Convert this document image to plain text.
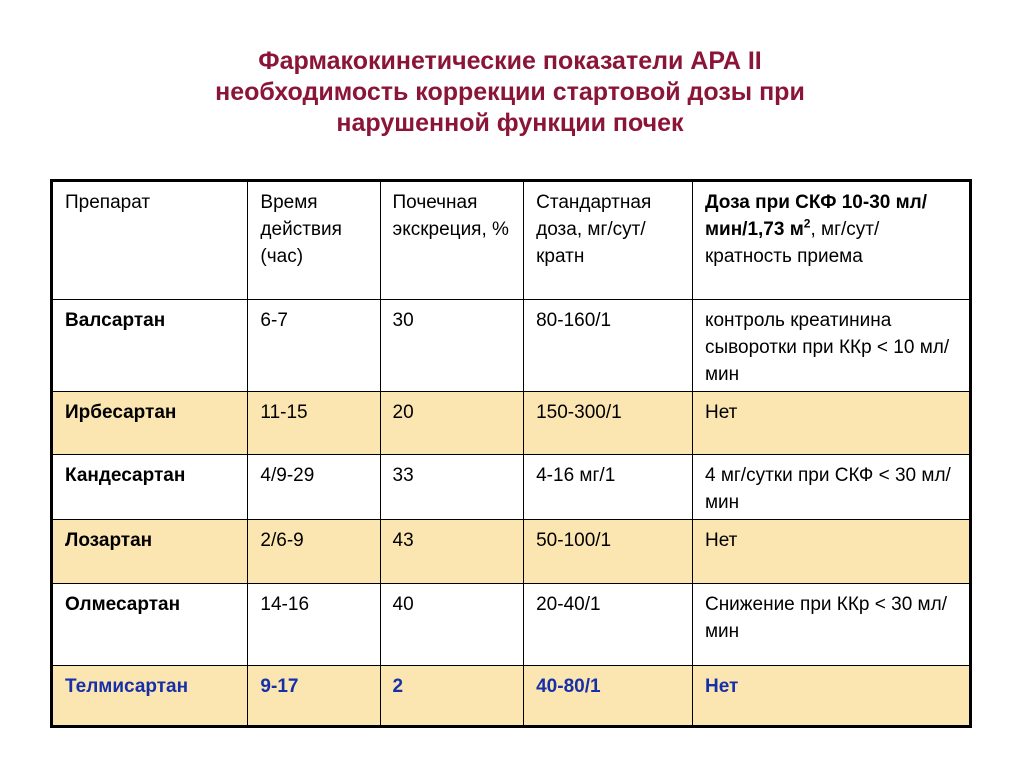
Фармакокинетические показатели АРА II
необходимость коррекции стартовой дозы при
нарушенной функции почек
Препарат	Время действия (час)	Почечная экскреция, %	Стандартная доза, мг/сут/кратн	Доза при СКФ 10-30 мл/мин/1,73 $м^2$, мг/сут/кратность приема
Валсартан	6-7	30	80-160/1	контроль креатинина сыворотки при ККр < 10 мл/мин
Ирбесартан	11-15	20	150-300/1	Нет
Кандесартан	4/9-29	33	4-16 мг/1	4 мг/сутки при СКФ < 30 мл/мин
Лозартан	2/6-9	43	50-100/1	Нет
Олмесартан	14-16	40	20-40/1	Снижение при ККр < 30 мл/мин
Телмисартан	9-17	2	40-80/1	Нет
